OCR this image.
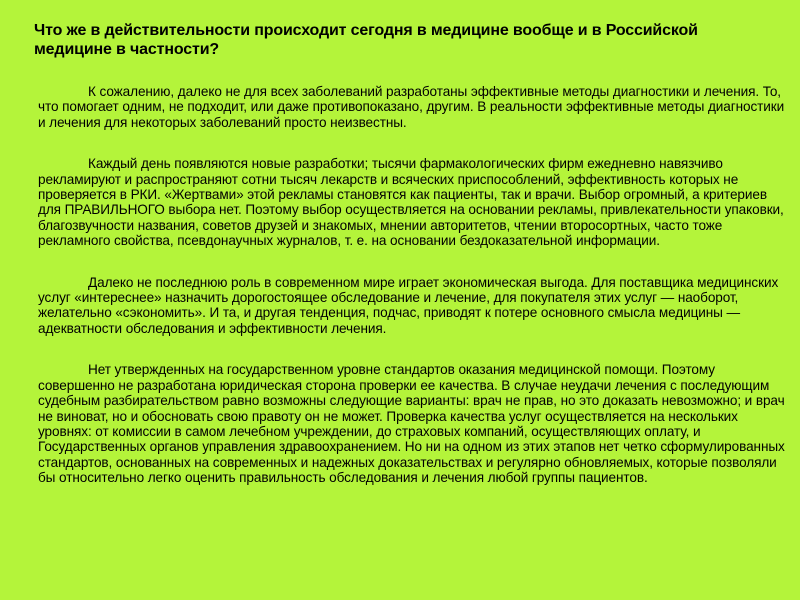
Что же в действительности происходит сегодня в медицине вообще и в Российской
медицине в частности?

К сожалению, далеко не для всех заболеваний разработаны эффективные методы диагностики и лечения. То, что помогает одним, не подходит, или даже противопоказано, другим. В реальности эффективные методы диагностики и лечения для некоторых заболеваний просто неизвестны.

Каждый день появляются новые разработки; тысячи фармакологических фирм ежедневно навязчиво рекламируют и распространяют сотни тысяч лекарств и всяческих приспособлений, эффективность которых не проверяется в РКИ. «Жертвами» этой рекламы становятся как пациенты, так и врачи. Выбор огромный, а критериев для ПРАВИЛЬНОГО выбора нет. Поэтому выбор осуществляется на основании рекламы, привлекательности упаковки, благозвучности названия, советов друзей и знакомых, мнении авторитетов, чтении второсортных, часто тоже рекламного свойства, псевдонаучных журналов, т. е. на основании бездоказательной информации.

Далеко не последнюю роль в современном мире играет экономическая выгода. Для поставщика медицинских услуг «интереснее» назначить дорогостоящее обследование и лечение, для покупателя этих услуг — наоборот, желательно «сэкономить». И та, и другая тенденция, подчас, приводят к потере основного смысла медицины — адекватности обследования и эффективности лечения.

Нет утвержденных на государственном уровне стандартов оказания медицинской помощи. Поэтому совершенно не разработана юридическая сторона проверки ее качества. В случае неудачи лечения с последующим судебным разбирательством равно возможны следующие варианты: врач не прав, но это доказать невозможно; и врач не виноват, но и обосновать свою правоту он не может. Проверка качества услуг осуществляется на нескольких уровнях: от комиссии в самом лечебном учреждении, до страховых компаний, осуществляющих оплату, и Государственных органов управления здравоохранением. Но ни на одном из этих этапов нет четко сформулированных стандартов, основанных на современных и надежных доказательствах и регулярно обновляемых, которые позволяли бы относительно легко оценить правильность обследования и лечения любой группы пациентов.
